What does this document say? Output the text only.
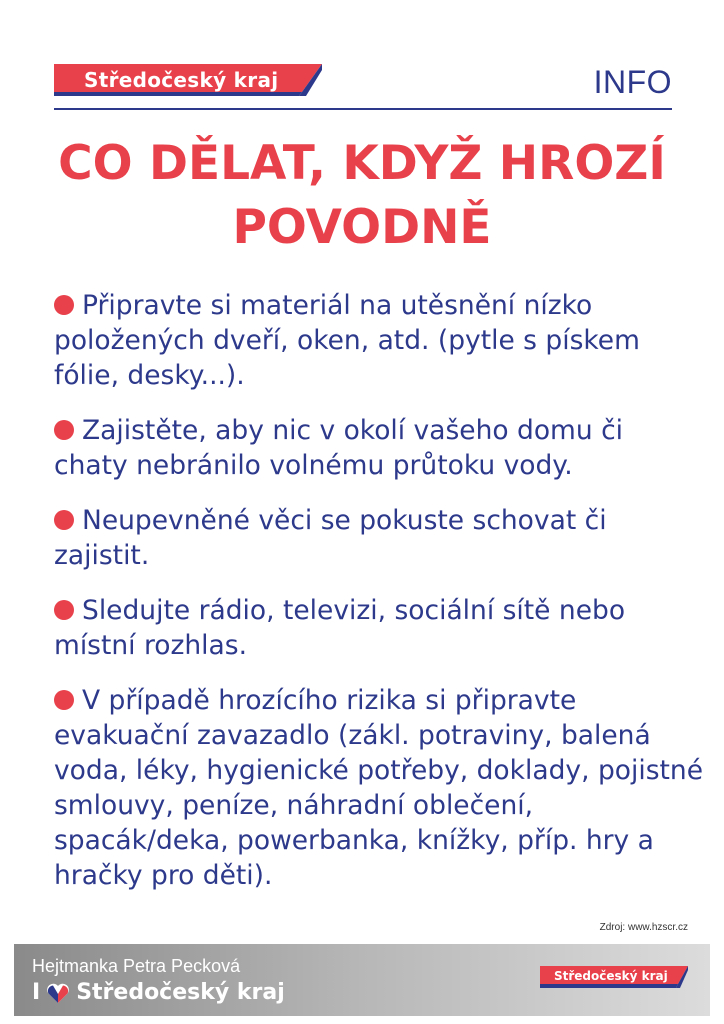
Středočeský kraj	INFO
CO DĚLAT, KDYŽ HROZÍ
POVODNĚ
Připravte si materiál na utěsnění nízko položených dveří, oken, atd. (pytle s pískem fólie, desky...).
Zajistěte, aby nic v okolí vašeho domu či chaty nebránilo volnému průtoku vody.
Neupevněné věci se pokuste schovat či zajistit.
Sledujte rádio, televizi, sociální sítě nebo místní rozhlas.
V případě hrozícího rizika si připravte evakuační zavazadlo (zákl. potraviny, balená voda, léky, hygienické potřeby, doklady, pojistné smlouvy, peníze, náhradní oblečení, spacák/deka, powerbanka, knížky, příp. hry a hračky pro děti).
Zdroj: www.hzscr.cz
Hejtmanka Petra Pecková
I Středočeský kraj
Středočeský kraj
